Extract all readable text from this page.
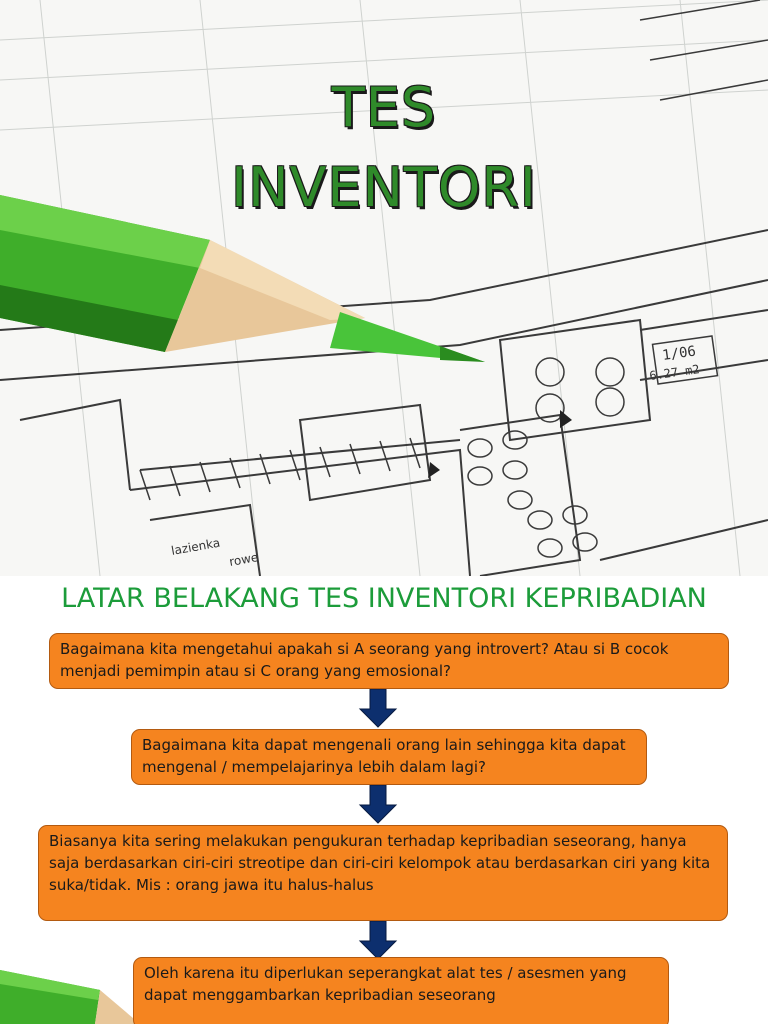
1/06
6.27 m2
lazienka
rowe
TES
INVENTORI
LATAR BELAKANG TES INVENTORI KEPRIBADIAN
Bagaimana kita mengetahui apakah si A seorang yang introvert? Atau si B cocok menjadi pemimpin atau si C orang yang emosional?
Bagaimana kita dapat mengenali orang lain sehingga kita dapat mengenal / mempelajarinya lebih dalam lagi?
Biasanya kita sering melakukan pengukuran terhadap kepribadian seseorang, hanya saja berdasarkan ciri-ciri streotipe dan ciri-ciri kelompok atau berdasarkan ciri yang kita suka/tidak. Mis : orang jawa itu halus-halus
Oleh karena itu diperlukan seperangkat alat tes / asesmen yang dapat menggambarkan kepribadian seseorang
